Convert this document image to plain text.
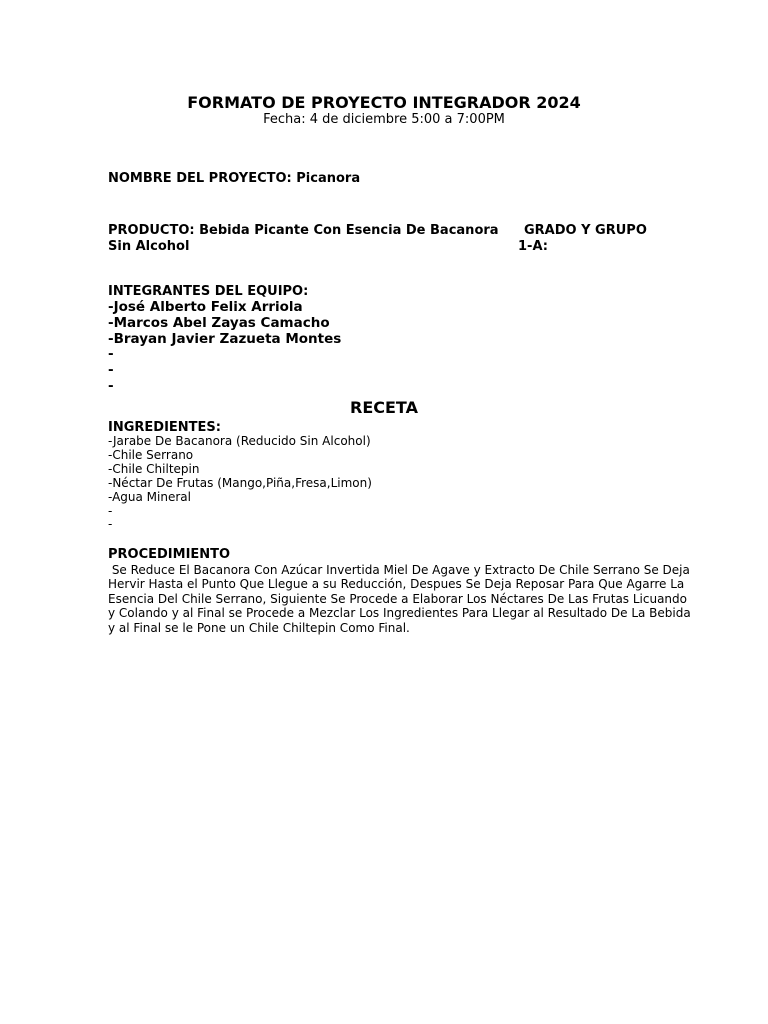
FORMATO DE PROYECTO INTEGRADOR 2024
Fecha: 4 de diciembre 5:00 a 7:00PM
NOMBRE DEL PROYECTO: Picanora
PRODUCTO: Bebida Picante Con Esencia De Bacanora
Sin Alcohol
GRADO Y GRUPO
1-A:
INTEGRANTES DEL EQUIPO:
-José Alberto Felix Arriola
-Marcos Abel Zayas Camacho
-Brayan Javier Zazueta Montes
-
-
-
RECETA
INGREDIENTES:
-Jarabe De Bacanora (Reducido Sin Alcohol)
-Chile Serrano
-Chile Chiltepin
-Néctar De Frutas (Mango,Piña,Fresa,Limon)
-Agua Mineral
-
-
PROCEDIMIENTO
Se Reduce El Bacanora Con Azúcar Invertida Miel De Agave y Extracto De Chile Serrano Se Deja
Hervir Hasta el Punto Que Llegue a su Reducción, Despues Se Deja Reposar Para Que Agarre La
Esencia Del Chile Serrano, Siguiente Se Procede a Elaborar Los Néctares De Las Frutas Licuando
y Colando y al Final se Procede a Mezclar Los Ingredientes Para Llegar al Resultado De La Bebida
y al Final se le Pone un Chile Chiltepin Como Final.
